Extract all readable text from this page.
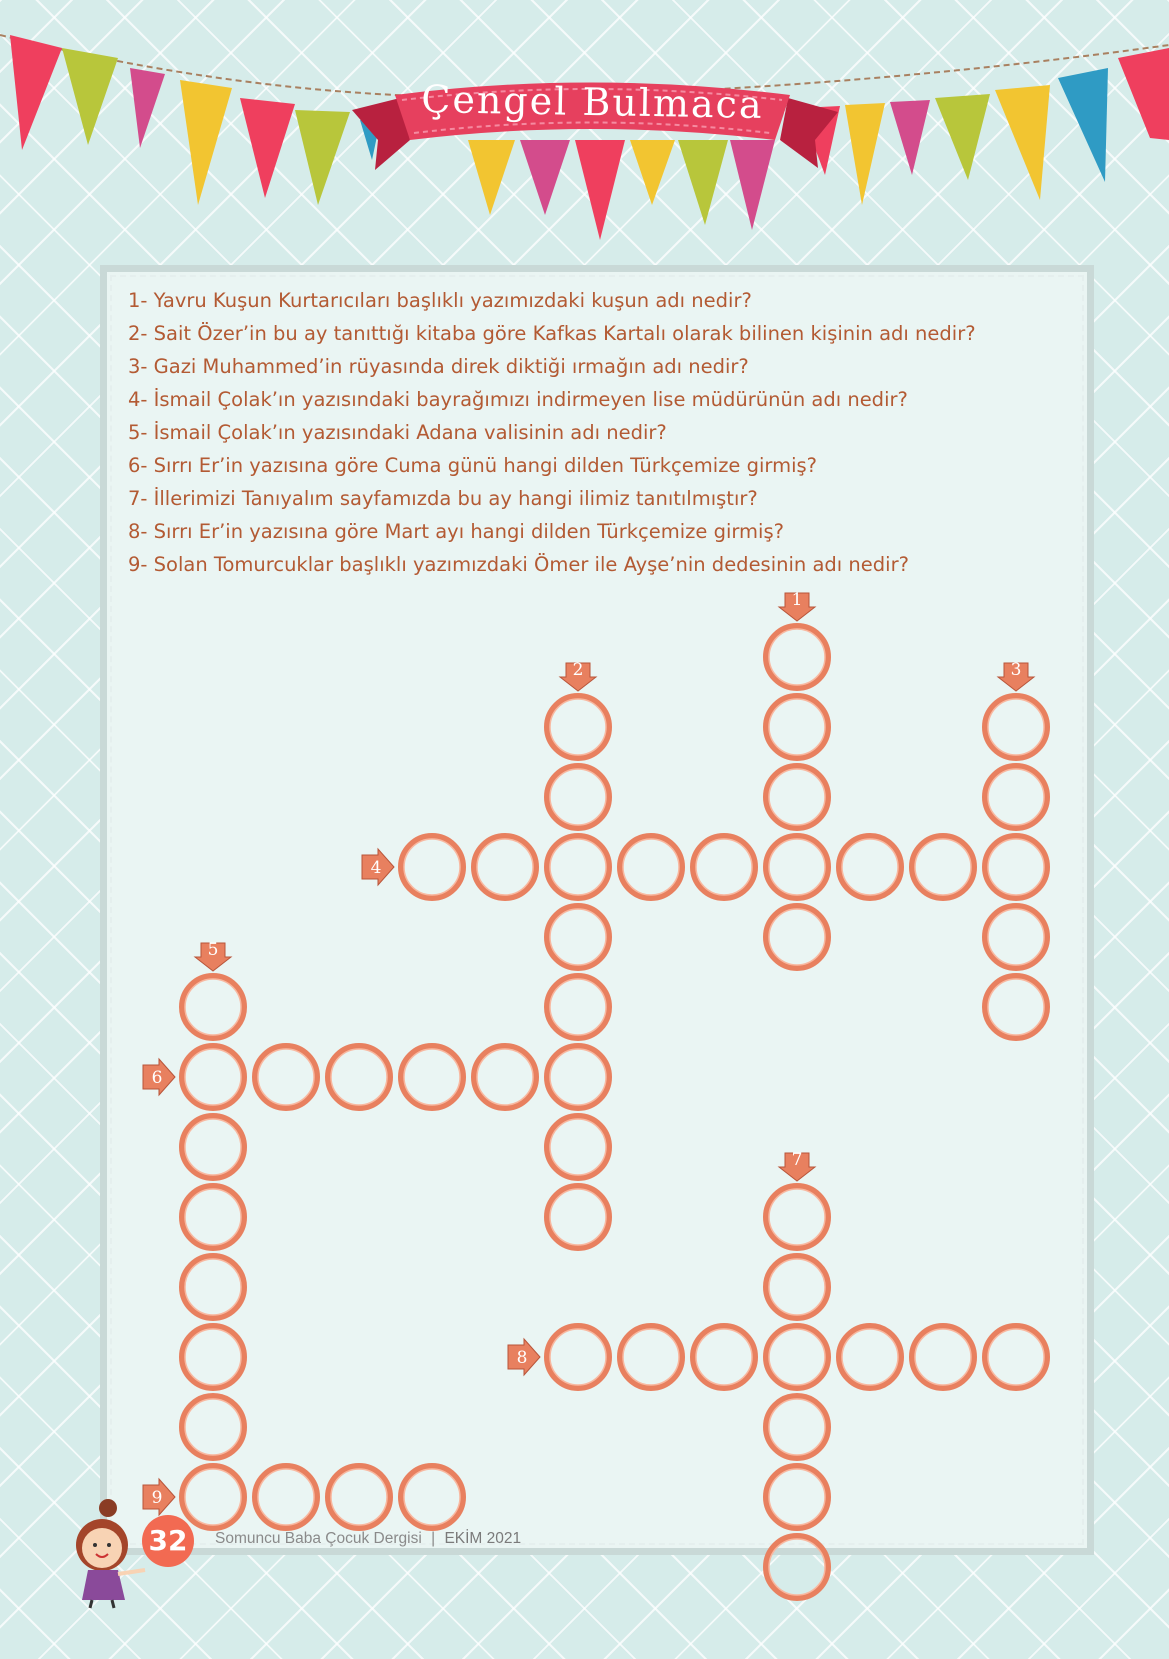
Çengel Bulmaca
1- Yavru Kuşun Kurtarıcıları başlıklı yazımızdaki kuşun adı nedir?
2- Sait Özer’in bu ay tanıttığı kitaba göre Kafkas Kartalı olarak bilinen kişinin adı nedir?
3- Gazi Muhammed’in rüyasında direk diktiği ırmağın adı nedir?
4- İsmail Çolak’ın yazısındaki bayrağımızı indirmeyen lise müdürünün adı nedir?
5- İsmail Çolak’ın yazısındaki Adana valisinin adı nedir?
6- Sırrı Er’in yazısına göre Cuma günü hangi dilden Türkçemize girmiş?
7- İllerimizi Tanıyalım sayfamızda bu ay hangi ilimiz tanıtılmıştır?
8- Sırrı Er’in yazısına göre Mart ayı hangi dilden Türkçemize girmiş?
9- Solan Tomurcuklar başlıklı yazımızdaki Ömer ile Ayşe’nin dedesinin adı nedir?
1
2	3
4
5
6
7
8
9
32	Somuncu Baba Çocuk Dergisi | EKİM 2021
